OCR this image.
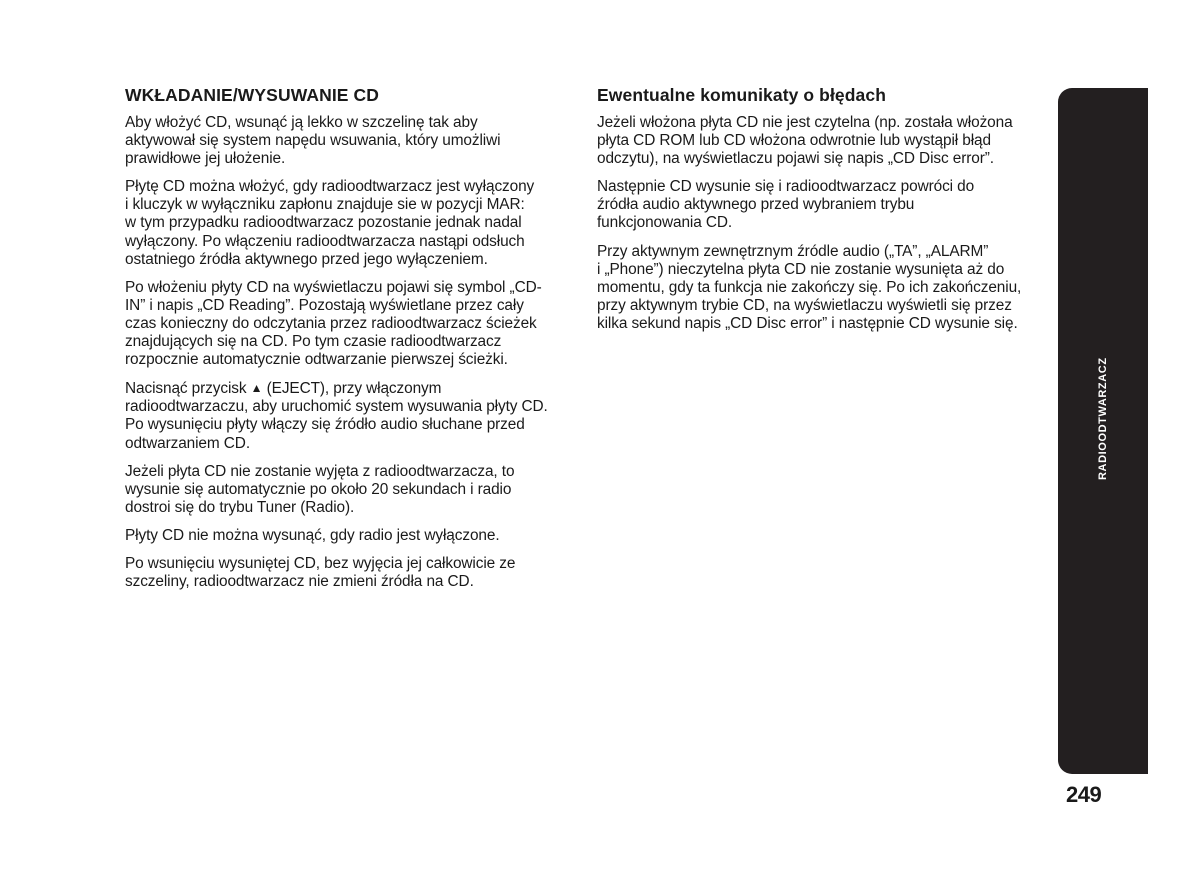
WKŁADANIE/WYSUWANIE CD

Aby włożyć CD, wsunąć ją lekko w szczelinę tak aby
aktywował się system napędu wsuwania, który umożliwi
prawidłowe jej ułożenie.

Płytę CD można włożyć, gdy radioodtwarzacz jest wyłączony
i kluczyk w wyłączniku zapłonu znajduje sie w pozycji MAR:
w tym przypadku radioodtwarzacz pozostanie jednak nadal
wyłączony. Po włączeniu radioodtwarzacza nastąpi odsłuch
ostatniego źródła aktywnego przed jego wyłączeniem.

Po włożeniu płyty CD na wyświetlaczu pojawi się symbol „CD-
IN” i napis „CD Reading”. Pozostają wyświetlane przez cały
czas konieczny do odczytania przez radioodtwarzacz ścieżek
znajdujących się na CD. Po tym czasie radioodtwarzacz
rozpocznie automatycznie odtwarzanie pierwszej ścieżki.

Nacisnąć przycisk ▲ (EJECT), przy włączonym
radioodtwarzaczu, aby uruchomić system wysuwania płyty CD.
Po wysunięciu płyty włączy się źródło audio słuchane przed
odtwarzaniem CD.

Jeżeli płyta CD nie zostanie wyjęta z radioodtwarzacza, to
wysunie się automatycznie po około 20 sekundach i radio
dostroi się do trybu Tuner (Radio).

Płyty CD nie można wysunąć, gdy radio jest wyłączone.

Po wsunięciu wysuniętej CD, bez wyjęcia jej całkowicie ze
szczeliny, radioodtwarzacz nie zmieni źródła na CD.

Ewentualne komunikaty o błędach

Jeżeli włożona płyta CD nie jest czytelna (np. została włożona
płyta CD ROM lub CD włożona odwrotnie lub wystąpił błąd
odczytu), na wyświetlaczu pojawi się napis „CD Disc error”.

Następnie CD wysunie się i radioodtwarzacz powróci do
źródła audio aktywnego przed wybraniem trybu
funkcjonowania CD.

Przy aktywnym zewnętrznym źródle audio („TA”, „ALARM”
i „Phone”) nieczytelna płyta CD nie zostanie wysunięta aż do
momentu, gdy ta funkcja nie zakończy się. Po ich zakończeniu,
przy aktywnym trybie CD, na wyświetlaczu wyświetli się przez
kilka sekund napis „CD Disc error” i następnie CD wysunie się.

RADIOODTWARZACZ
249
